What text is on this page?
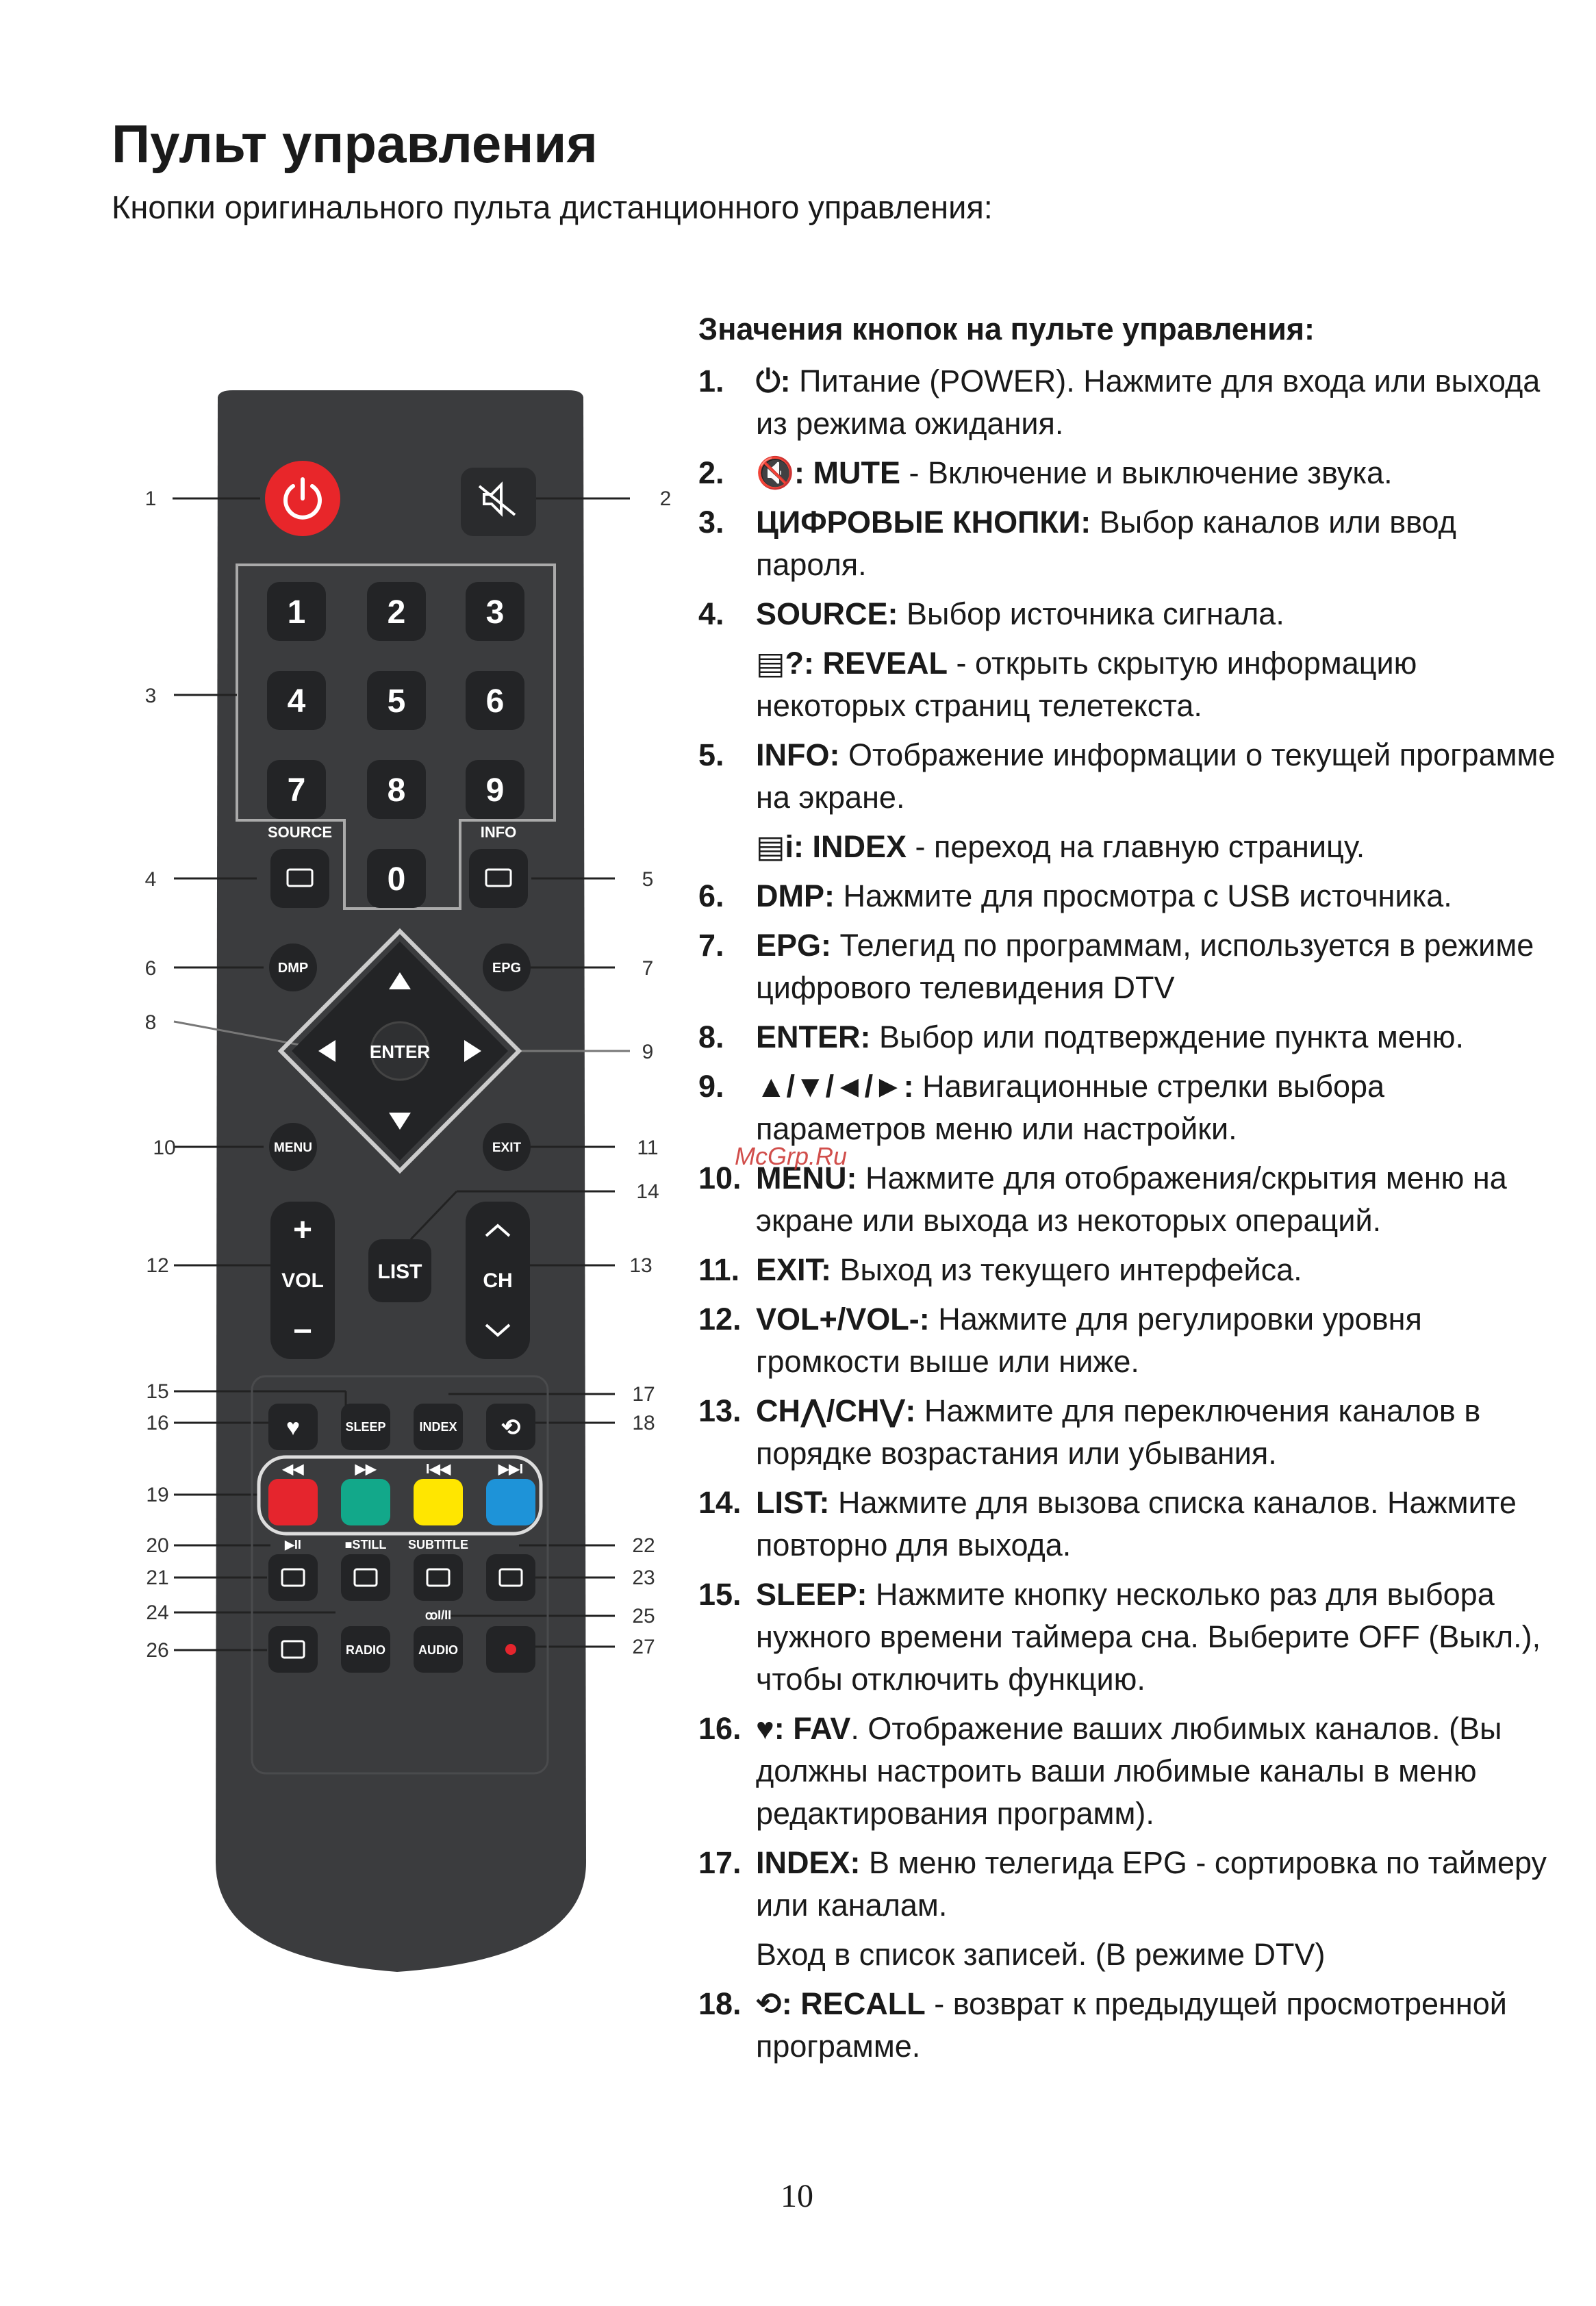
Пульт управления
Кнопки оригинального пульта дистанционного управления:
1 2 3
4 5 6
7 8 9
0
SOURCE	INFO
DMP	EPG
ENTER
MENU	EXIT
+
VOL
−
LIST	CH
♥	SLEEP	INDEX ⟲
◀◀	▶▶	I◀◀	▶▶I
▶II	■STILL SUBTITLE
ꝏI/II
RADIO	AUDIO
1	2
3
4	5
6	7
8
9
10	11
12	13
14
15
16
17
18
19
20
21
22
23
24	25
26	27
Значения кнопок на пульте управления:
1.	⏻: Питание (POWER). Нажмите для входа или выхода из режима ожидания.
2.	🔇: MUTE - Включение и выключение звука.
3.	ЦИФРОВЫЕ КНОПКИ: Выбор каналов или ввод пароля.
4.	SOURCE: Выбор источника сигнала.
▤?: REVEAL - открыть скрытую информацию некоторых страниц телетекста.
5.	INFO: Отображение информации о текущей программе на экране.
▤i: INDEX - переход на главную страницу.
6.	DMP: Нажмите для просмотра с USB источника.
7.	EPG: Телегид по программам, используется в режиме цифрового телевидения DTV
8.	ENTER: Выбор или подтверждение пункта меню.
9.	▲/▼/◄/►: Навигационные стрелки выбора параметров меню или настройки.
10. MENU: Нажмите для отображения/скрытия меню на экране или выхода из некоторых операций.
11. EXIT: Выход из текущего интерфейса.
12. VOL+/VOL-: Нажмите для регулировки уровня громкости выше или ниже.
13. CH⋀/CH⋁: Нажмите для переключения каналов в порядке возрастания или убывания.
14. LIST: Нажмите для вызова списка каналов. Нажмите повторно для выхода.
15. SLEEP: Нажмите кнопку несколько раз для выбора нужного времени таймера сна. Выберите OFF (Выкл.), чтобы отключить функцию.
16. ♥: FAV. Отображение ваших любимых каналов. (Вы должны настроить ваши любимые каналы в меню редактирования программ).
17. INDEX: В меню телегида EPG - сортировка по таймеру или каналам.
Вход в список записей. (В режиме DTV)
18. ⟲: RECALL - возврат к предыдущей просмотренной программе.
McGrp.Ru
10
